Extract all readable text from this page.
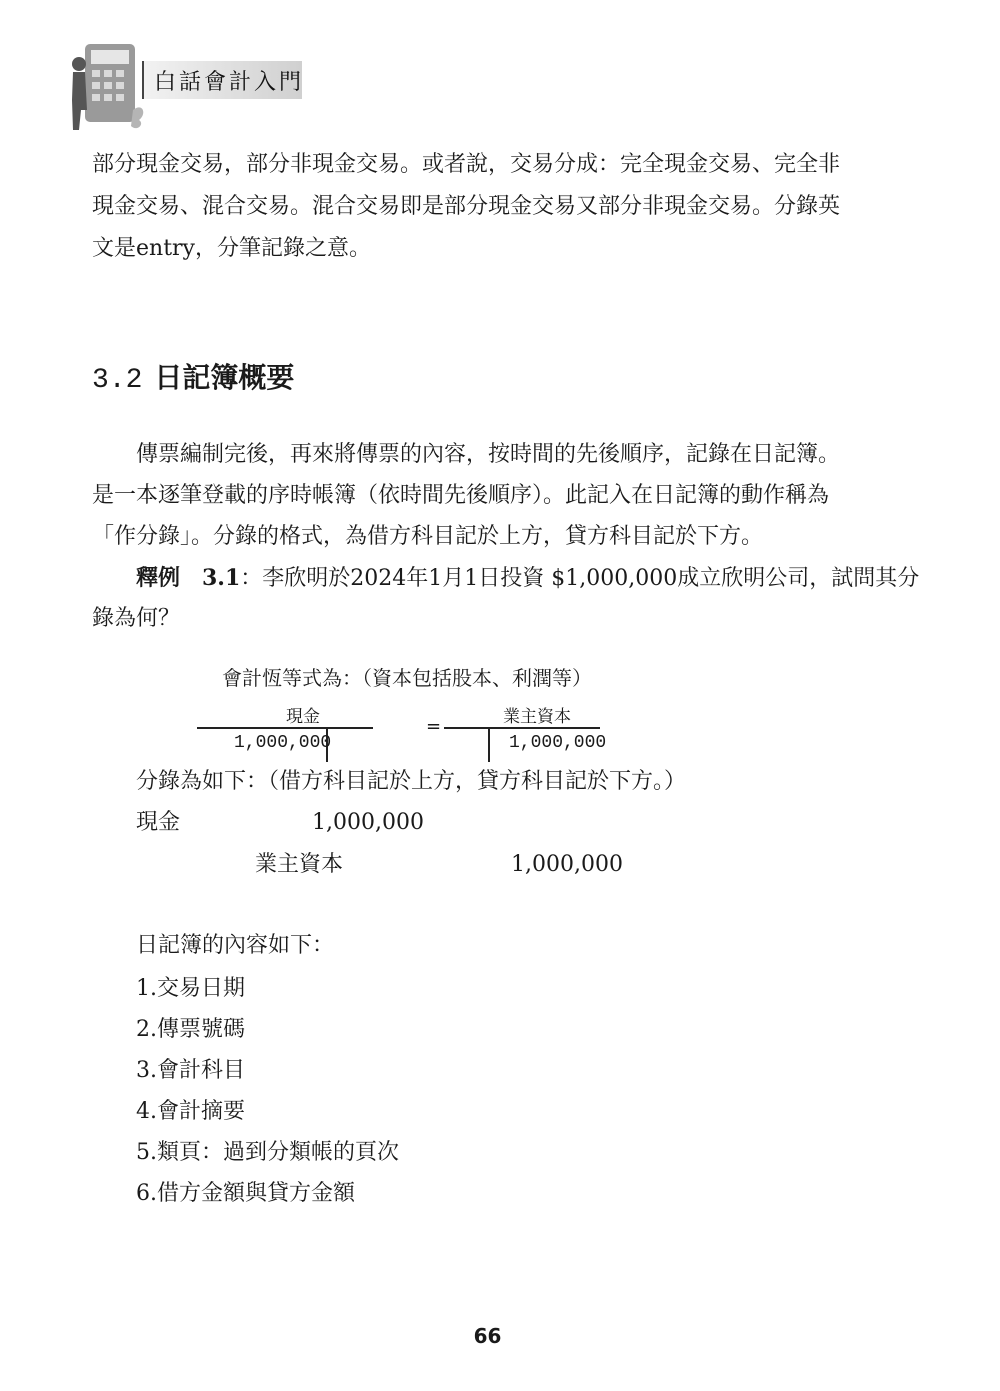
白話會計入門
部分現金交易，部分非現金交易。或者說，交易分成：完全現金交易、完全非
現金交易、混合交易。混合交易即是部分現金交易又部分非現金交易。分錄英
文是entry，分筆記錄之意。
3.2 日記簿概要
傳票編制完後，再來將傳票的內容，按時間的先後順序，記錄在日記簿。
是一本逐筆登載的序時帳簿（依時間先後順序）。此記入在日記簿的動作稱為
「作分錄」。分錄的格式，為借方科目記於上方，貸方科目記於下方。
釋例　3.1：李欣明於2024年1月1日投資 $1,000,000成立欣明公司，試問其分
錄為何？
會計恆等式為：（資本包括股本、利潤等）
現金
1,000,000
=	業主資本
1,000,000
分錄為如下：（借方科目記於上方，貸方科目記於下方。）
現金	1,000,000
業主資本	1,000,000
日記簿的內容如下：
1.交易日期
2.傳票號碼
3.會計科目
4.會計摘要
5.類頁：過到分類帳的頁次
6.借方金額與貸方金額
66
